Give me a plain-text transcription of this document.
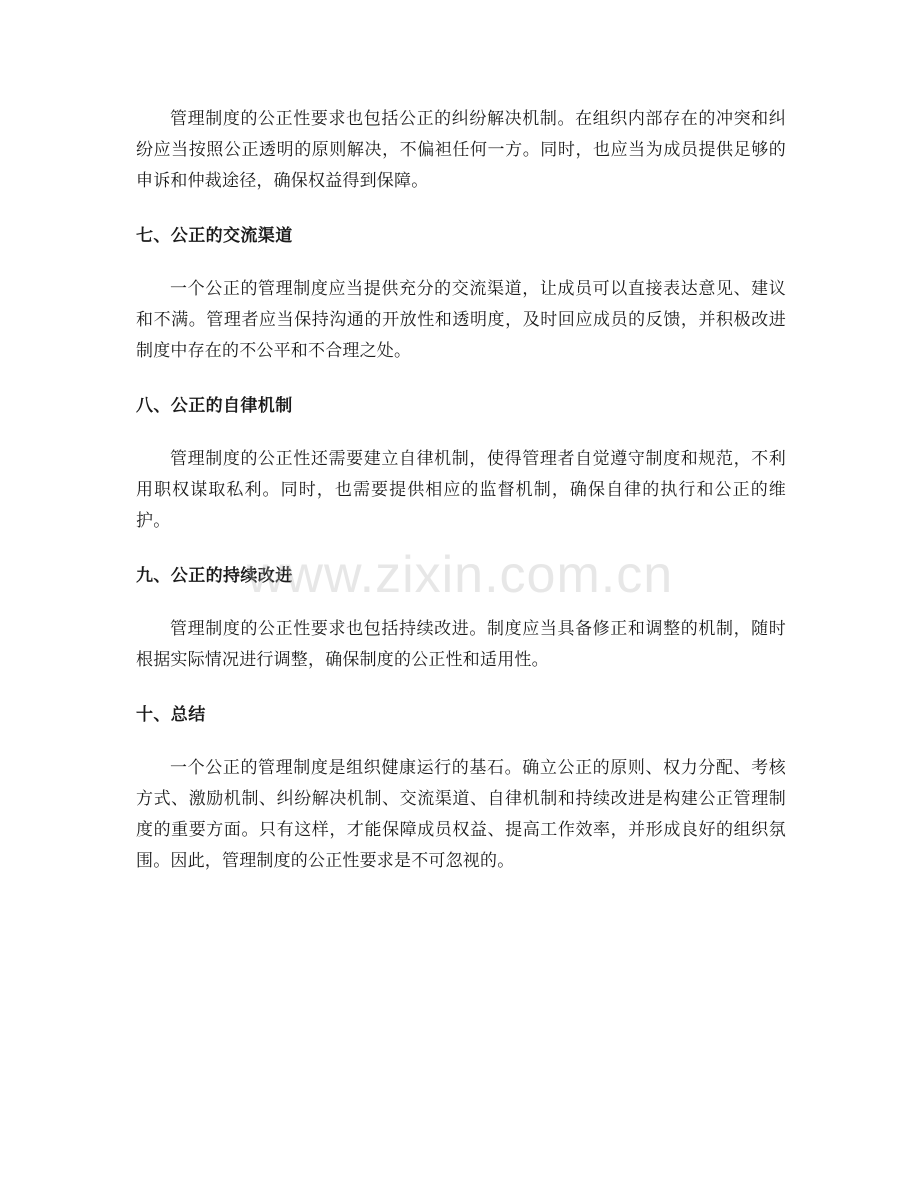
管理制度的公正性要求也包括公正的纠纷解决机制。在组织内部存在的冲突和纠纷应当按照公正透明的原则解决，不偏袒任何一方。同时，也应当为成员提供足够的申诉和仲裁途径，确保权益得到保障。

七、公正的交流渠道

一个公正的管理制度应当提供充分的交流渠道，让成员可以直接表达意见、建议和不满。管理者应当保持沟通的开放性和透明度，及时回应成员的反馈，并积极改进制度中存在的不公平和不合理之处。

八、公正的自律机制

管理制度的公正性还需要建立自律机制，使得管理者自觉遵守制度和规范，不利用职权谋取私利。同时，也需要提供相应的监督机制，确保自律的执行和公正的维护。

九、公正的持续改进

管理制度的公正性要求也包括持续改进。制度应当具备修正和调整的机制，随时根据实际情况进行调整，确保制度的公正性和适用性。

十、总结

一个公正的管理制度是组织健康运行的基石。确立公正的原则、权力分配、考核方式、激励机制、纠纷解决机制、交流渠道、自律机制和持续改进是构建公正管理制度的重要方面。只有这样，才能保障成员权益、提高工作效率，并形成良好的组织氛围。因此，管理制度的公正性要求是不可忽视的。

www.zixin.com.cn
